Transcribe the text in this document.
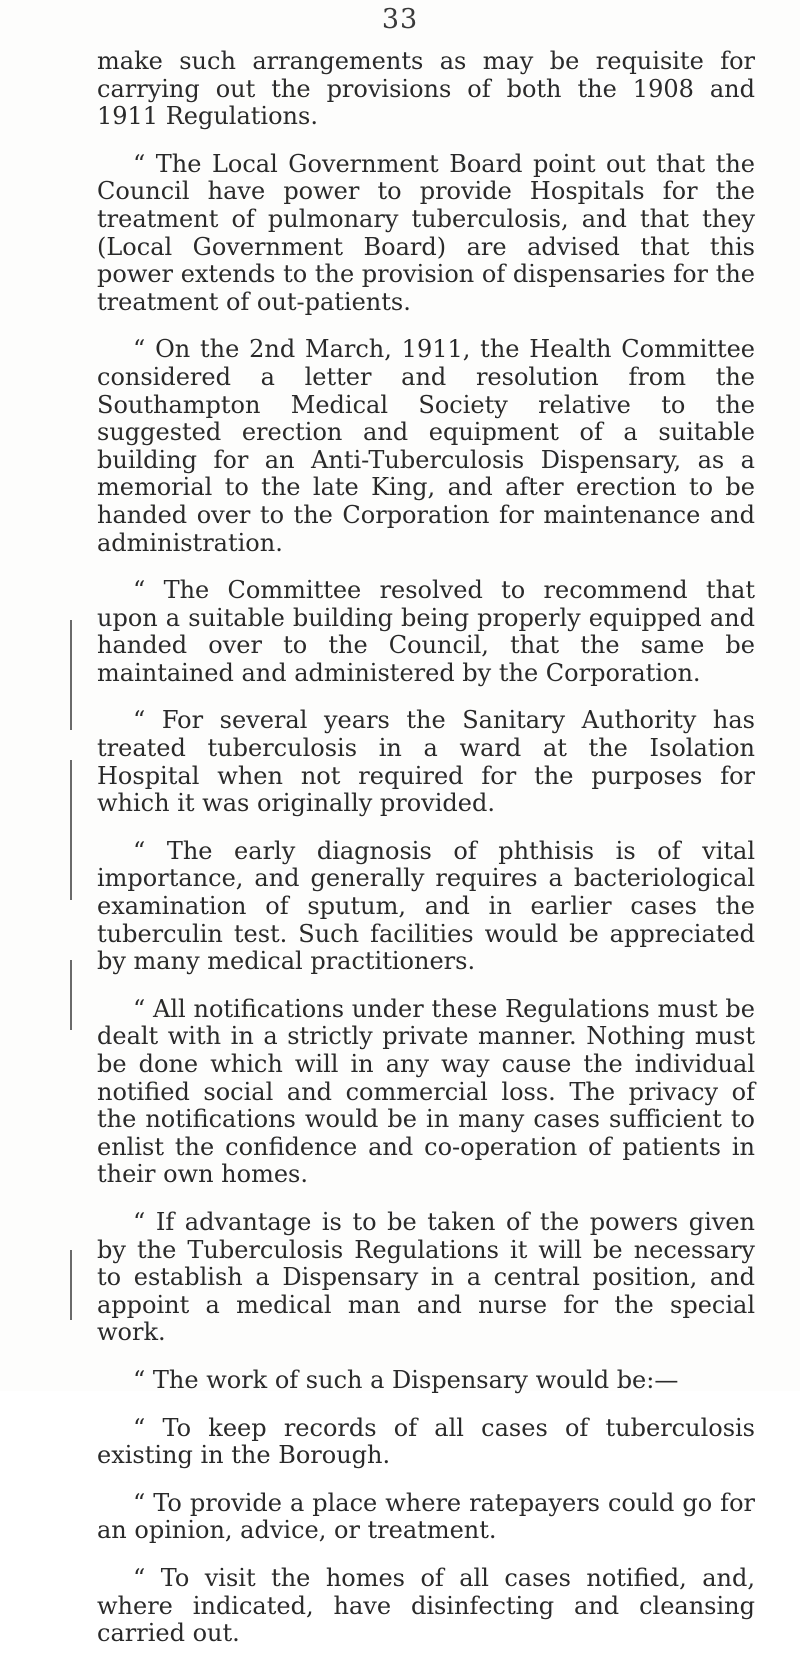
33

make such arrangements as may be requisite for carrying out the provisions of both the 1908 and 1911 Regulations.

“ The Local Government Board point out that the Council have power to provide Hospitals for the treatment of pulmonary tuberculosis, and that they (Local Government Board) are advised that this power extends to the provision of dispensaries for the treatment of out-patients.

“ On the 2nd March, 1911, the Health Committee considered a letter and resolution from the Southampton Medical Society relative to the suggested erection and equipment of a suitable building for an Anti-Tuberculosis Dispensary, as a memorial to the late King, and after erection to be handed over to the Corporation for maintenance and administration.

“ The Committee resolved to recommend that upon a suitable building being properly equipped and handed over to the Council, that the same be maintained and administered by the Corporation.

“ For several years the Sanitary Authority has treated tuberculosis in a ward at the Isolation Hospital when not required for the purposes for which it was originally provided.

“ The early diagnosis of phthisis is of vital importance, and generally requires a bacteriological examination of sputum, and in earlier cases the tuberculin test. Such facilities would be appreciated by many medical practitioners.

“ All notifications under these Regulations must be dealt with in a strictly private manner. Nothing must be done which will in any way cause the individual notified social and commercial loss. The privacy of the notifications would be in many cases sufficient to enlist the confidence and co-operation of patients in their own homes.

“ If advantage is to be taken of the powers given by the Tuberculosis Regulations it will be necessary to establish a Dispensary in a central position, and appoint a medical man and nurse for the special work.

“ The work of such a Dispensary would be:—

“ To keep records of all cases of tuberculosis existing in the Borough.

“ To provide a place where ratepayers could go for an opinion, advice, or treatment.

“ To visit the homes of all cases notified, and, where indicated, have disinfecting and cleansing carried out.
